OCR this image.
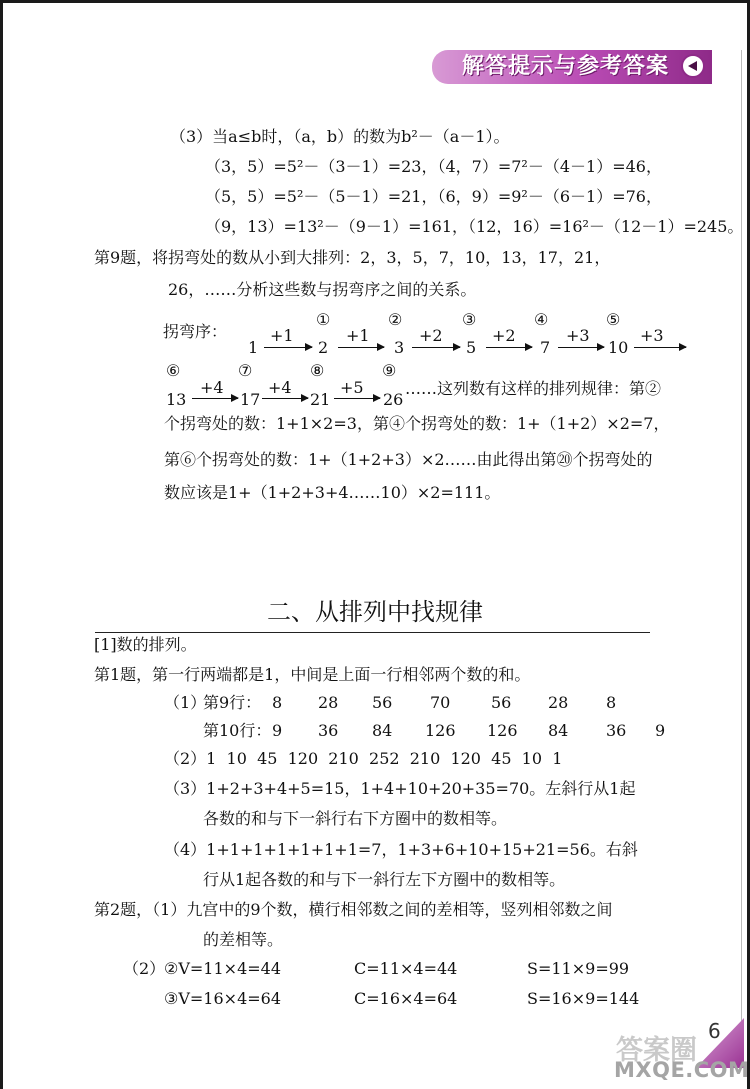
解答提示与参考答案
（3）当a≤b时，（a，b）的数为b²－（a－1）。
（3，5）=5²－（3－1）=23，（4，7）=7²－（4－1）=46，
（5，5）=5²－（5－1）=21，（6，9）=9²－（6－1）=76，
（9，13）=13²－（9－1）=161，（12，16）=16²－（12－1）=245。
第9题，将拐弯处的数从小到大排列：2，3，5，7，10，13，17，21，
26，……分析这些数与拐弯序之间的关系。
拐弯序：
1
+1
①
2
+1
②
3
+2
③
5
+2
④
7
+3
⑤
10
+3
⑥
13
+4
⑦
17
+4
⑧
21
+5
⑨
26
……这列数有这样的排列规律：第②
个拐弯处的数：1+1×2=3，第④个拐弯处的数：1+（1+2）×2=7，
第⑥个拐弯处的数：1+（1+2+3）×2……由此得出第⑳个拐弯处的
数应该是1+（1+2+3+4……10）×2=111。
二、从排列中找规律
[1]数的排列。
第1题，第一行两端都是1，中间是上面一行相邻两个数的和。
（1）
第9行： 8 28 56 70	56 28 8
第10行： 9 36 84 126 126 84 36 9
（2）1  10  45  120  210  252  210  120  45  10  1
（3）1+2+3+4+5=15，1+4+10+20+35=70。左斜行从1起
各数的和与下一斜行右下方圈中的数相等。
（4）1+1+1+1+1+1+1=7，1+3+6+10+15+21=56。右斜
行从1起各数的和与下一斜行左下方圈中的数相等。
第2题，（1）九宫中的9个数，横行相邻数之间的差相等，竖列相邻数之间
的差相等。
（2）
②V=11×4=44	C=11×4=44	S=11×9=99
③V=16×4=64	C=16×4=64	S=16×9=144
6
答案圈
MXQE.COM
